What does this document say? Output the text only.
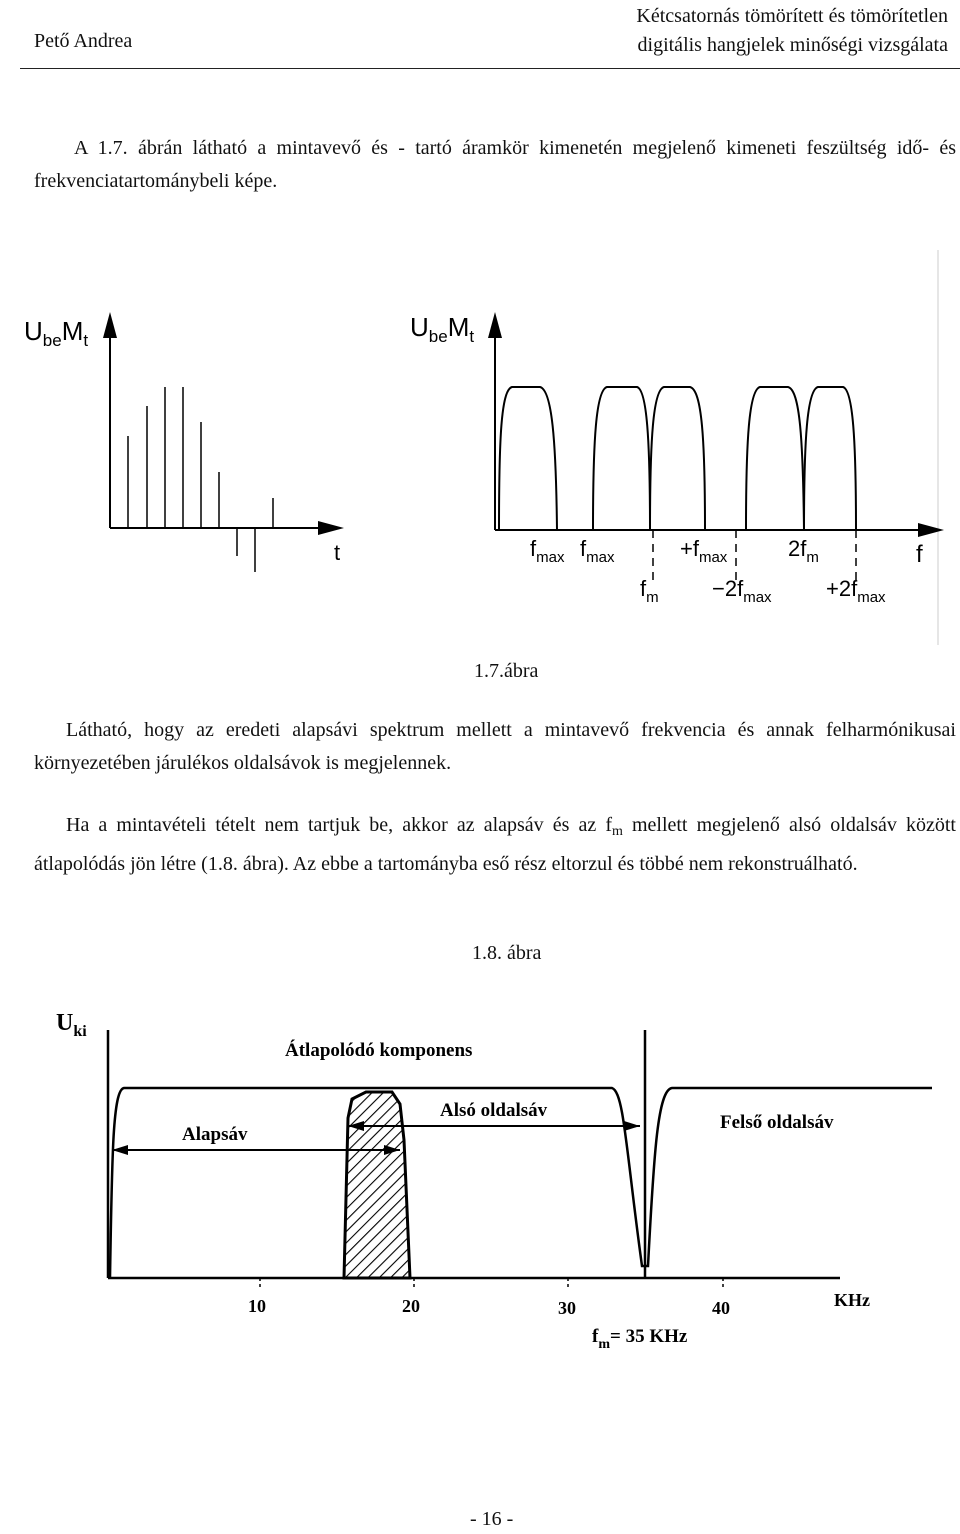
Pető Andrea
Kétcsatornás tömörített és tömörítetlen
digitális hangjelek minőségi vizsgálata
A 1.7. ábrán látható a mintavevő és - tartó áramkör kimenetén megjelenő kimeneti feszültség idő- és frekvenciatartománybeli képe.
$U_{be}M_t$
t
$U_{be}M_t$
f
$f_{max}$ $f_{max}$
$f_m$
$+f_{max}$
$-2f_{max}$
$2f_m$
$+2f_{max}$
1.7.ábra
Látható, hogy az eredeti alapsávi spektrum mellett a mintavevő frekvencia és annak felharmónikusai környezetében járulékos oldalsávok is megjelennek.
Ha a mintavételi tételt nem tartjuk be, akkor az alapsáv és az $f_m$ mellett megjelenő alsó oldalsáv között átlapolódás jön létre (1.8. ábra). Az ebbe a tartományba eső rész eltorzul és többé nem rekonstruálható.
1.8. ábra
$U_{ki}$
Átlapolódó komponens
Alsó oldalsáv
Alapsáv
Felső oldalsáv
10	20	30	40	KHz
$f_m= 35$ KHz
- 16 -
